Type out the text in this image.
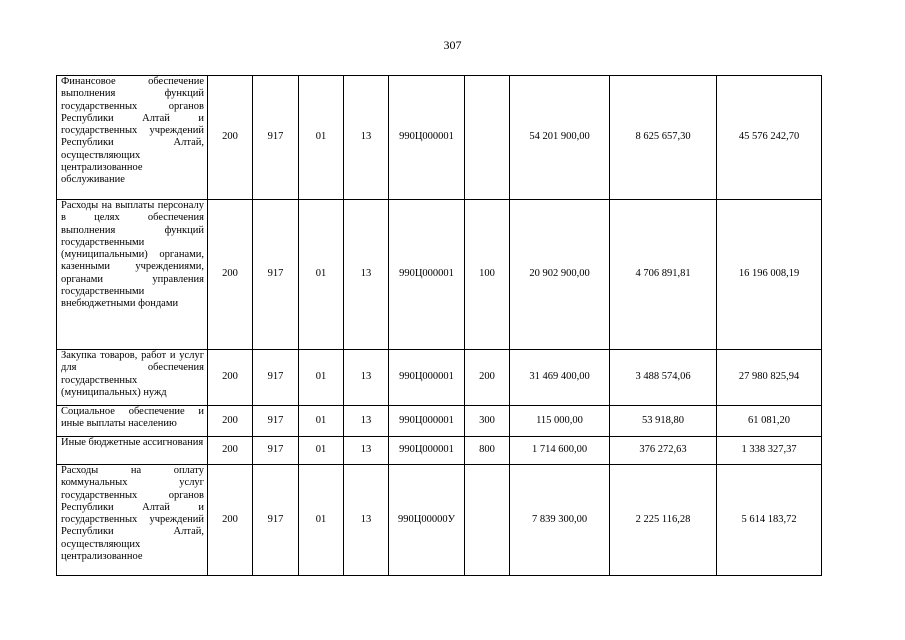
307
Финансовое обеспечение выполнения функций государственных органов Республики Алтай и государственных учреждений Республики Алтай, осуществляющих централизованное обслуживание	200	917	01	13	990Ц000001		54 201 900,00	8 625 657,30	45 576 242,70

Расходы на выплаты персоналу в целях обеспечения выполнения функций государственными (муниципальными) органами, казенными учреждениями, органами управления государственными внебюджетными фондами	200	917	01	13	990Ц000001	100	20 902 900,00	4 706 891,81	16 196 008,19

Закупка товаров, работ и услуг для обеспечения государственных (муниципальных) нужд	200	917	01	13	990Ц000001	200	31 469 400,00	3 488 574,06	27 980 825,94

Социальное обеспечение и иные выплаты населению	200	917	01	13	990Ц000001	300	115 000,00	53 918,80	61 081,20

Иные бюджетные ассигнования	200	917	01	13	990Ц000001	800	1 714 600,00	376 272,63	1 338 327,37

Расходы на оплату коммунальных услуг государственных органов Республики Алтай и государственных учреждений Республики Алтай, осуществляющих централизованное	200	917	01	13	990Ц00000У		7 839 300,00	2 225 116,28	5 614 183,72
